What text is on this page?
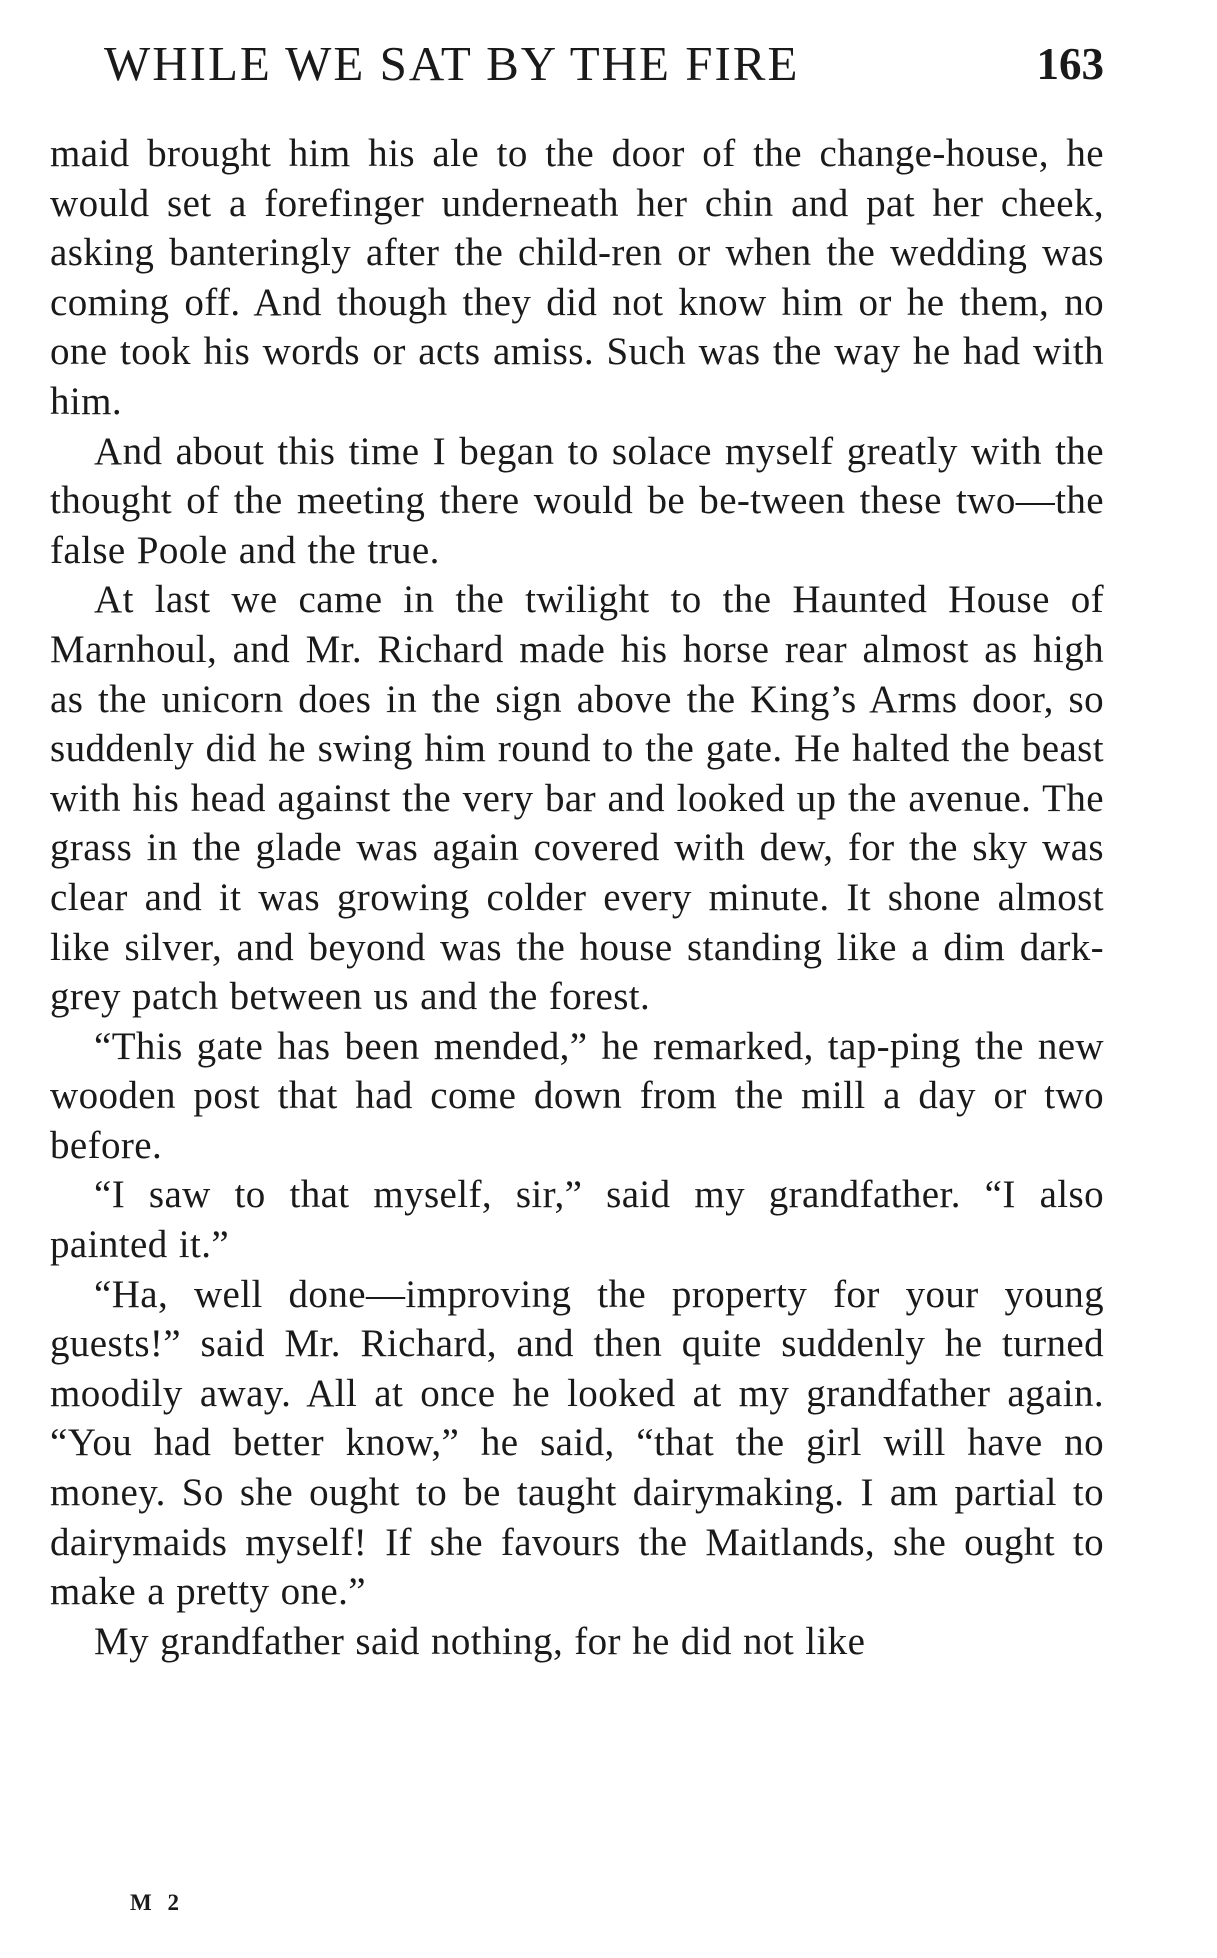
WHILE WE SAT BY THE FIRE	163

maid brought him his ale to the door of the change-house, he would set a forefinger underneath her chin and pat her cheek, asking banteringly after the child-ren or when the wedding was coming off. And though they did not know him or he them, no one took his words or acts amiss. Such was the way he had with him.

And about this time I began to solace myself greatly with the thought of the meeting there would be be-tween these two—the false Poole and the true.

At last we came in the twilight to the Haunted House of Marnhoul, and Mr. Richard made his horse rear almost as high as the unicorn does in the sign above the King’s Arms door, so suddenly did he swing him round to the gate. He halted the beast with his head against the very bar and looked up the avenue. The grass in the glade was again covered with dew, for the sky was clear and it was growing colder every minute. It shone almost like silver, and beyond was the house standing like a dim dark-grey patch between us and the forest.

“This gate has been mended,” he remarked, tap-ping the new wooden post that had come down from the mill a day or two before.

“I saw to that myself, sir,” said my grandfather. “I also painted it.”

“Ha, well done—improving the property for your young guests!” said Mr. Richard, and then quite suddenly he turned moodily away. All at once he looked at my grandfather again. “You had better know,” he said, “that the girl will have no money. So she ought to be taught dairymaking. I am partial to dairymaids myself! If she favours the Maitlands, she ought to make a pretty one.”

My grandfather said nothing, for he did not like

M 2
